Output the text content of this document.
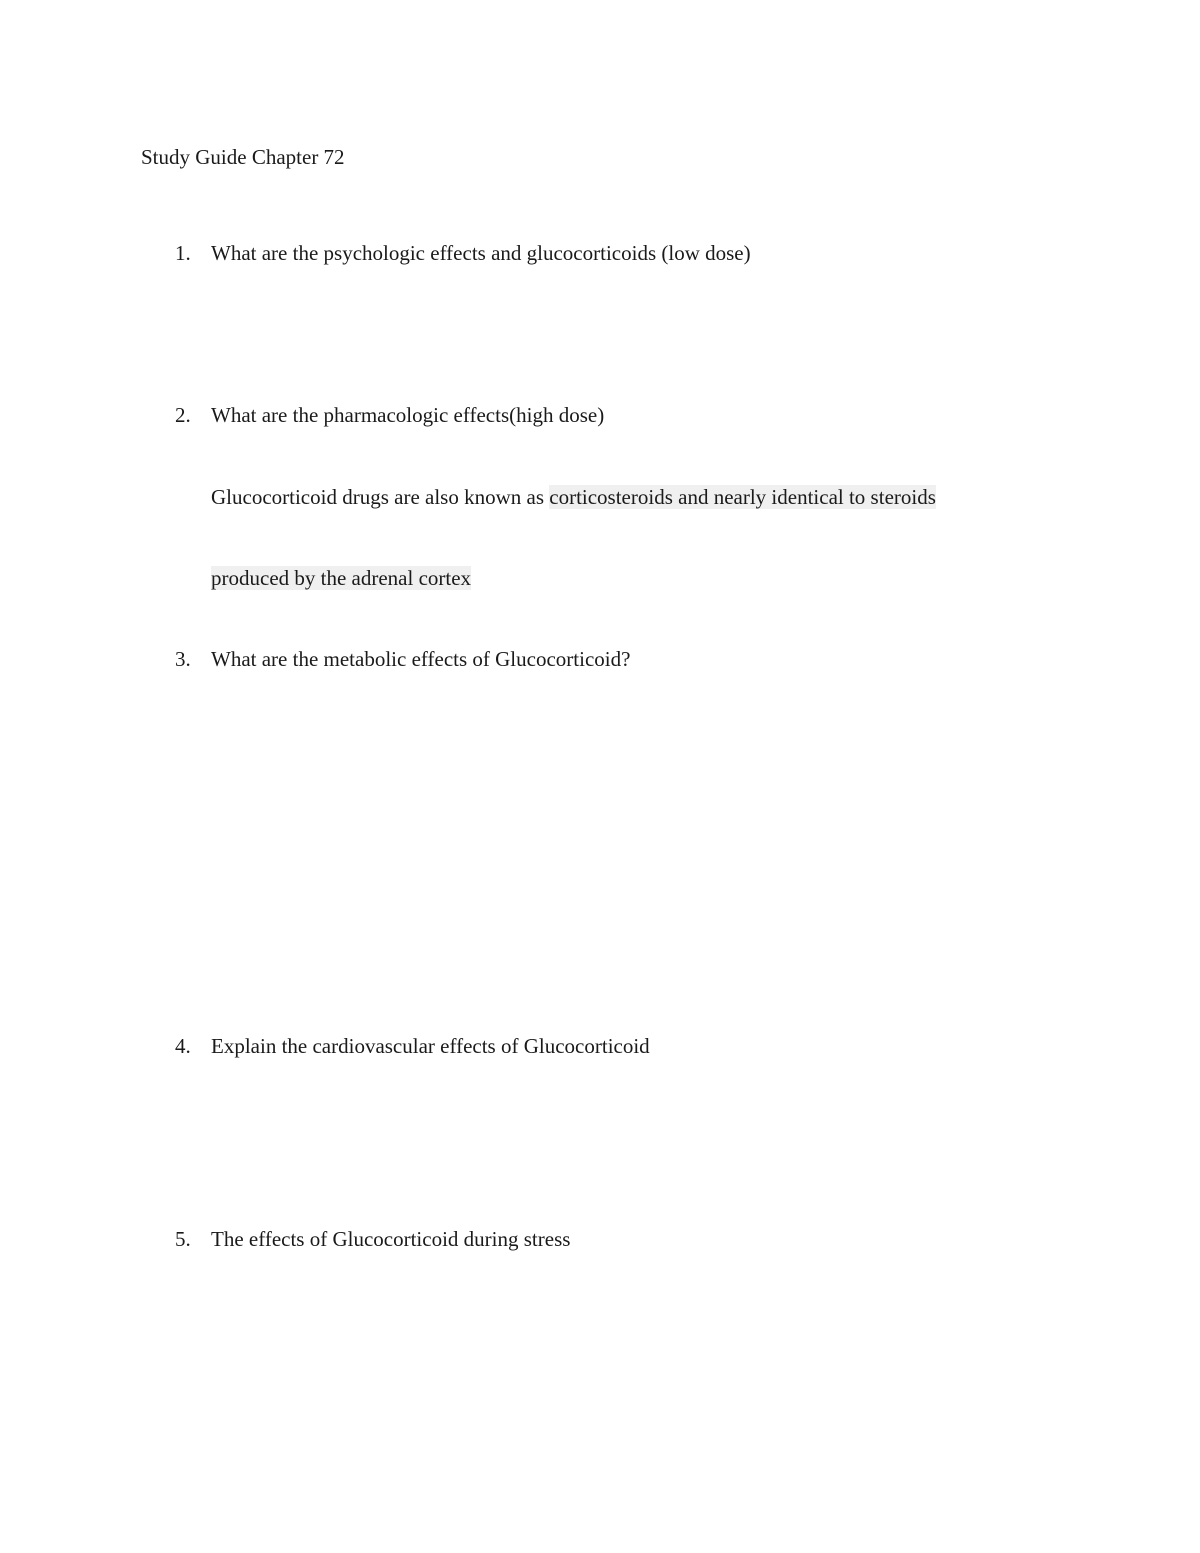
Study Guide Chapter 72
1. What are the psychologic effects and glucocorticoids (low dose)
2. What are the pharmacologic effects(high dose)
Glucocorticoid drugs are also known as corticosteroids and nearly identical to steroids
produced by the adrenal cortex
3. What are the metabolic effects of Glucocorticoid?
4. Explain the cardiovascular effects of Glucocorticoid
5. The effects of Glucocorticoid during stress
